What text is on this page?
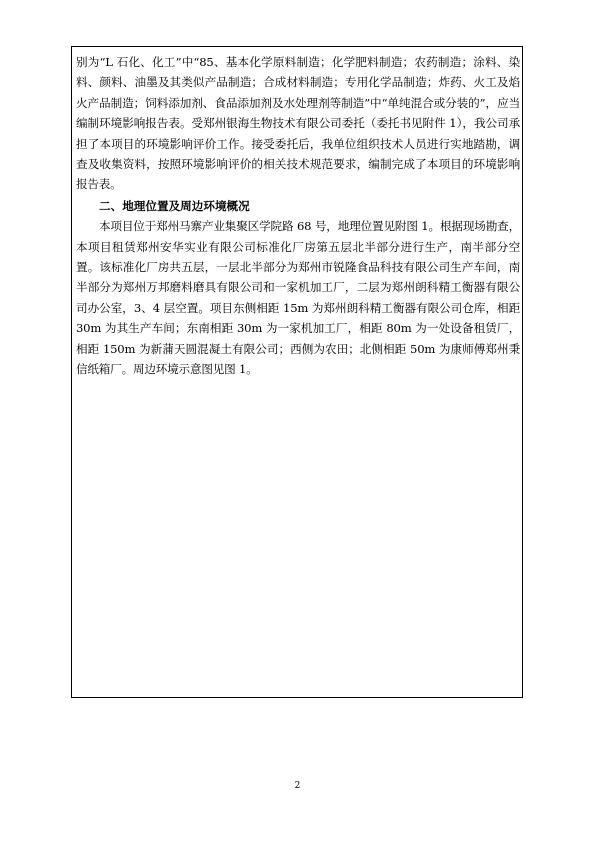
别为“L 石化、化工”中“85、基本化学原料制造；化学肥料制造；农药制造；涂料、染料、颜料、油墨及其类似产品制造；合成材料制造；专用化学品制造；炸药、火工及焰火产品制造；饲料添加剂、食品添加剂及水处理剂等制造”中“单纯混合或分装的”，应当编制环境影响报告表。受郑州银海生物技术有限公司委托（委托书见附件 1），我公司承担了本项目的环境影响评价工作。接受委托后，我单位组织技术人员进行实地踏勘，调查及收集资料，按照环境影响评价的相关技术规范要求，编制完成了本项目的环境影响报告表。

二、地理位置及周边环境概况

本项目位于郑州马寨产业集聚区学院路 68 号，地理位置见附图 1。根据现场勘查，本项目租赁郑州安华实业有限公司标准化厂房第五层北半部分进行生产，南半部分空置。该标准化厂房共五层，一层北半部分为郑州市锐隆食品科技有限公司生产车间，南半部分为郑州万邦磨料磨具有限公司和一家机加工厂，二层为郑州朗科精工衡器有限公司办公室，3、4 层空置。项目东侧相距 15m 为郑州朗科精工衡器有限公司仓库，相距 30m 为其生产车间；东南相距 30m 为一家机加工厂，相距 80m 为一处设备租赁厂，相距 150m 为新蒲天圆混凝土有限公司；西侧为农田；北侧相距 50m 为康师傅郑州秉信纸箱厂。周边环境示意图见图 1。

2
